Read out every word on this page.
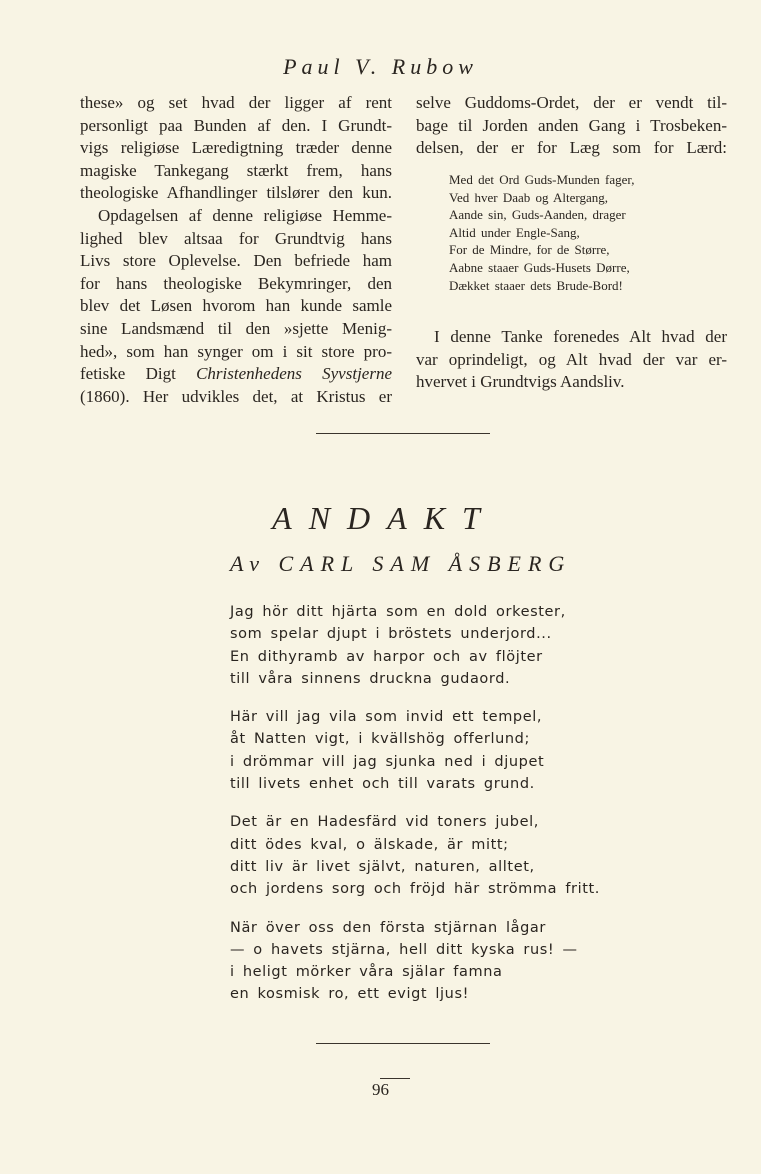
Paul V. Rubow
these» og set hvad der ligger af rent
personligt paa Bunden af den. I Grundt-
vigs religiøse Læredigtning træder denne
magiske Tankegang stærkt frem, hans
theologiske Afhandlinger tilslører den kun.
Opdagelsen af denne religiøse Hemme-
lighed blev altsaa for Grundtvig hans
Livs store Oplevelse. Den befriede ham
for hans theologiske Bekymringer, den
blev det Løsen hvorom han kunde samle
sine Landsmænd til den »sjette Menig-
hed», som han synger om i sit store pro-
fetiske Digt Christenhedens Syvstjerne
(1860). Her udvikles det, at Kristus er
selve Guddoms-Ordet, der er vendt til-
bage til Jorden anden Gang i Trosbeken-
delsen, der er for Læg som for Lærd:
Med det Ord Guds-Munden fager,
Ved hver Daab og Altergang,
Aande sin, Guds-Aanden, drager
Altid under Engle-Sang,
For de Mindre, for de Større,
Aabne staaer Guds-Husets Dørre,
Dækket staaer dets Brude-Bord!
I denne Tanke forenedes Alt hvad der
var oprindeligt, og Alt hvad der var er-
hvervet i Grundtvigs Aandsliv.
ANDAKT
Av CARL SAM ÅSBERG
Jag hör ditt hjärta som en dold orkester,
som spelar djupt i bröstets underjord...
En dithyramb av harpor och av flöjter
till våra sinnens druckna gudaord.
Här vill jag vila som invid ett tempel,
åt Natten vigt, i kvällshög offerlund;
i drömmar vill jag sjunka ned i djupet
till livets enhet och till varats grund.
Det är en Hadesfärd vid toners jubel,
ditt ödes kval, o älskade, är mitt;
ditt liv är livet självt, naturen, alltet,
och jordens sorg och fröjd här strömma fritt.
När över oss den första stjärnan lågar
— o havets stjärna, hell ditt kyska rus! —
i heligt mörker våra själar famna
en kosmisk ro, ett evigt ljus!
96
